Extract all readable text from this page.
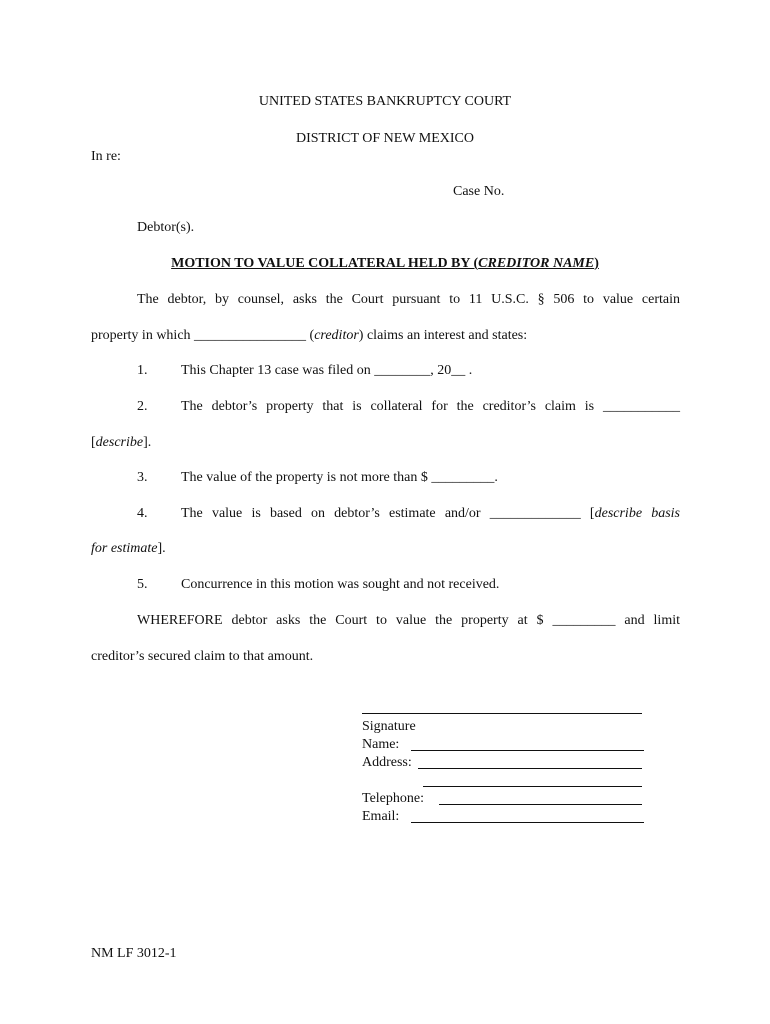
UNITED STATES BANKRUPTCY COURT
DISTRICT OF NEW MEXICO
In re:
Case No.
Debtor(s).
MOTION TO VALUE COLLATERAL HELD BY (CREDITOR NAME)
The debtor, by counsel, asks the Court pursuant to 11 U.S.C. § 506 to value certain
property in which ________________ (creditor) claims an interest and states:
1. This Chapter 13 case was filed on ________, 20__ .
2. The debtor’s property that is collateral for the creditor’s claim is ___________
[describe].
3. The value of the property is not more than $ _________.
4. The value is based on debtor’s estimate and/or _____________ [describe basis
for estimate].
5. Concurrence in this motion was sought and not received.
WHEREFORE debtor asks the Court to value the property at $ _________ and limit
creditor’s secured claim to that amount.
Signature
Name:
Address:
Telephone:
Email:
NM LF 3012-1
